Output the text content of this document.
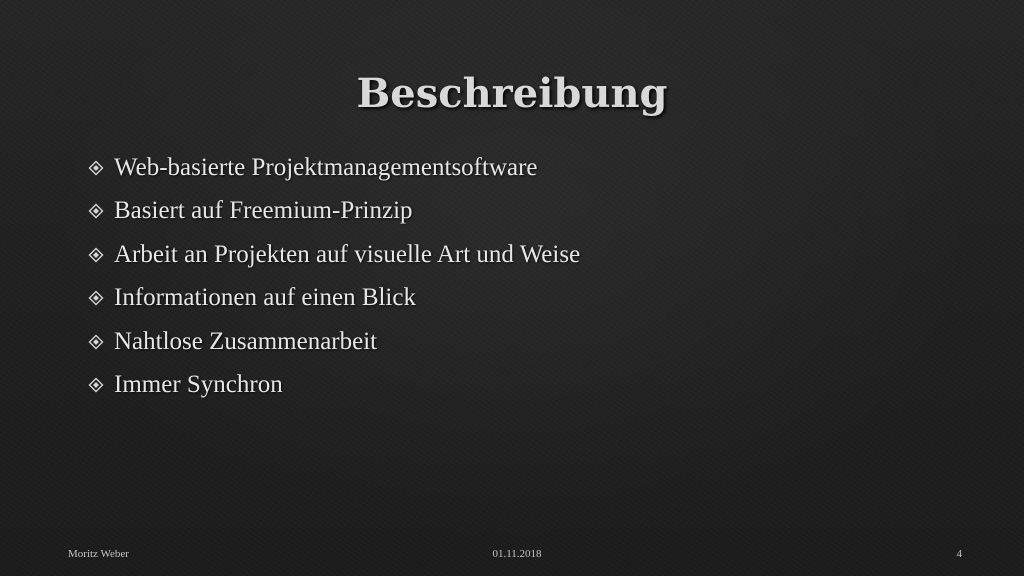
Beschreibung
Web-basierte Projektmanagementsoftware
Basiert auf Freemium-Prinzip
Arbeit an Projekten auf visuelle Art und Weise
Informationen auf einen Blick
Nahtlose Zusammenarbeit
Immer Synchron
Moritz Weber	01.11.2018	4
